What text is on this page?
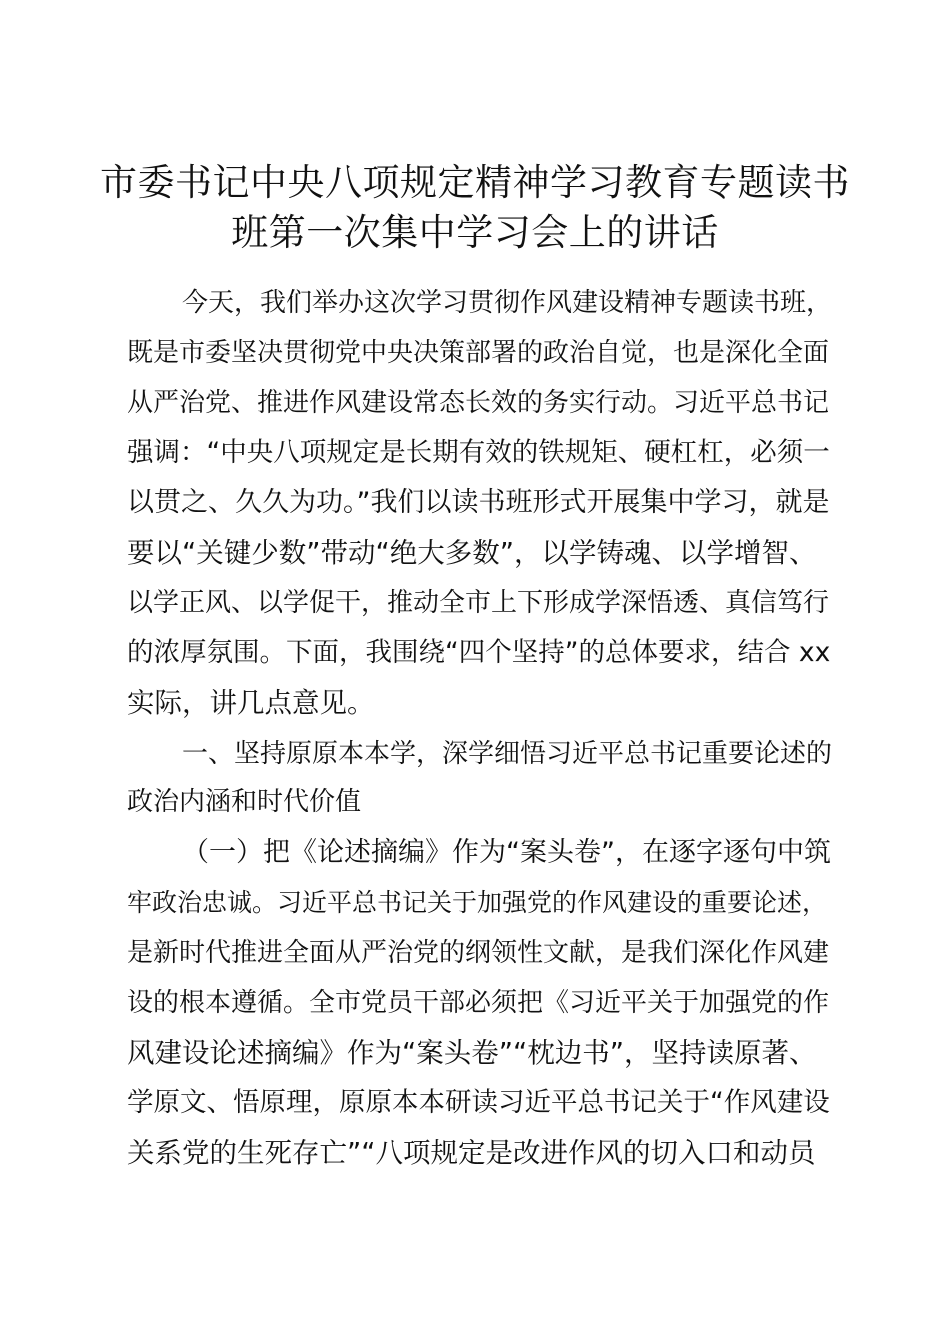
市委书记中央八项规定精神学习教育专题读书
班第一次集中学习会上的讲话
今天，我们举办这次学习贯彻作风建设精神专题读书班，
既是市委坚决贯彻党中央决策部署的政治自觉，也是深化全面
从严治党、推进作风建设常态长效的务实行动。习近平总书记
强调：“中央八项规定是长期有效的铁规矩、硬杠杠，必须一
以贯之、久久为功。”我们以读书班形式开展集中学习，就是
要以“关键少数”带动“绝大多数”，以学铸魂、以学增智、
以学正风、以学促干，推动全市上下形成学深悟透、真信笃行
的浓厚氛围。下面，我围绕“四个坚持”的总体要求，结合 xx
实际，讲几点意见。
一、坚持原原本本学，深学细悟习近平总书记重要论述的
政治内涵和时代价值
（一）把《论述摘编》作为“案头卷”，在逐字逐句中筑
牢政治忠诚。习近平总书记关于加强党的作风建设的重要论述，
是新时代推进全面从严治党的纲领性文献，是我们深化作风建
设的根本遵循。全市党员干部必须把《习近平关于加强党的作
风建设论述摘编》作为“案头卷”“枕边书”，坚持读原著、
学原文、悟原理，原原本本研读习近平总书记关于“作风建设
关系党的生死存亡”“八项规定是改进作风的切入口和动员
